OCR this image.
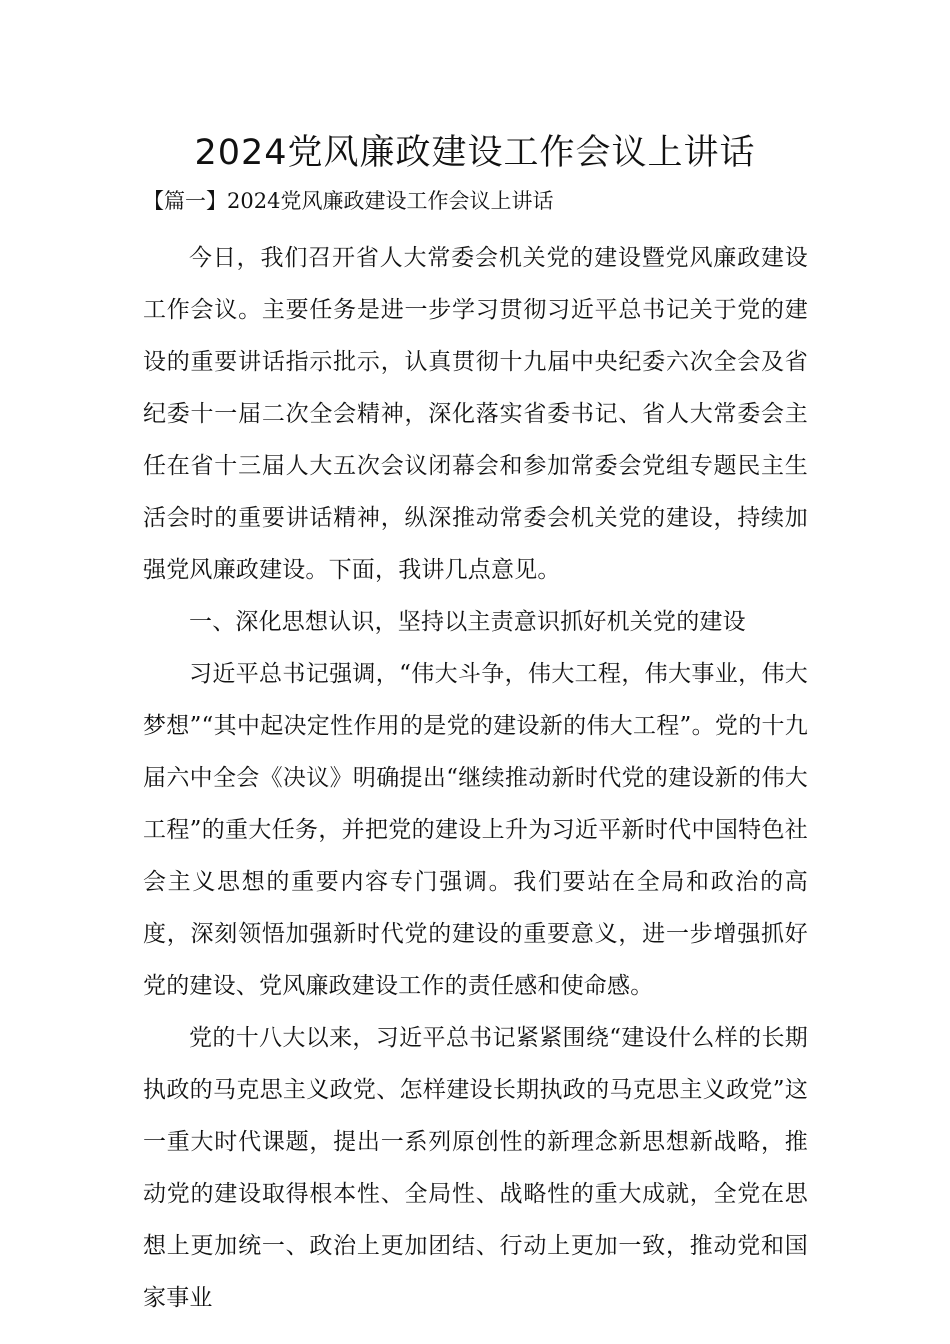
2024党风廉政建设工作会议上讲话

【篇一】2024党风廉政建设工作会议上讲话

今日，我们召开省人大常委会机关党的建设暨党风廉政建设工作会议。主要任务是进一步学习贯彻习近平总书记关于党的建设的重要讲话指示批示，认真贯彻十九届中央纪委六次全会及省纪委十一届二次全会精神，深化落实省委书记、省人大常委会主任在省十三届人大五次会议闭幕会和参加常委会党组专题民主生活会时的重要讲话精神，纵深推动常委会机关党的建设，持续加强党风廉政建设。下面，我讲几点意见。

一、深化思想认识，坚持以主责意识抓好机关党的建设

习近平总书记强调，“伟大斗争，伟大工程，伟大事业，伟大梦想”“其中起决定性作用的是党的建设新的伟大工程”。党的十九届六中全会《决议》明确提出“继续推动新时代党的建设新的伟大工程”的重大任务，并把党的建设上升为习近平新时代中国特色社会主义思想的重要内容专门强调。我们要站在全局和政治的高度，深刻领悟加强新时代党的建设的重要意义，进一步增强抓好党的建设、党风廉政建设工作的责任感和使命感。

党的十八大以来，习近平总书记紧紧围绕“建设什么样的长期执政的马克思主义政党、怎样建设长期执政的马克思主义政党”这一重大时代课题，提出一系列原创性的新理念新思想新战略，推动党的建设取得根本性、全局性、战略性的重大成就，全党在思想上更加统一、政治上更加团结、行动上更加一致，推动党和国家事业
